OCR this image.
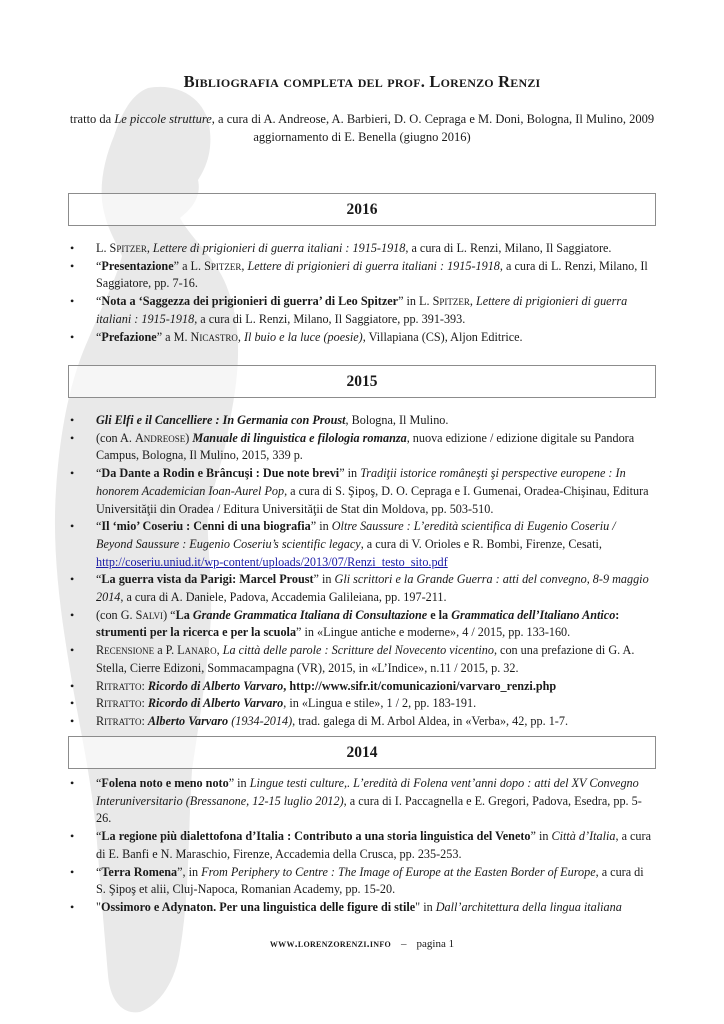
Bibliografia completa del prof. Lorenzo Renzi

tratto da Le piccole strutture, a cura di A. Andreose, A. Barbieri, D. O. Cepraga e M. Doni, Bologna, Il Mulino, 2009
aggiornamento di E. Benella (giugno 2016)

2016
• L. Spitzer, Lettere di prigionieri di guerra italiani : 1915-1918, a cura di L. Renzi, Milano, Il Saggiatore.
• “Presentazione” a L. Spitzer, Lettere di prigionieri di guerra italiani : 1915-1918, a cura di L. Renzi, Milano, Il Saggiatore, pp. 7-16.
• “Nota a ‘Saggezza dei prigionieri di guerra’ di Leo Spitzer” in L. Spitzer, Lettere di prigionieri di guerra italiani : 1915-1918, a cura di L. Renzi, Milano, Il Saggiatore, pp. 391-393.
• “Prefazione” a M. Nicastro, Il buio e la luce (poesie), Villapiana (CS), Aljon Editrice.
2015
• Gli Elfi e il Cancelliere : In Germania con Proust, Bologna, Il Mulino.
• (con A. Andreose) Manuale di linguistica e filologia romanza, nuova edizione / edizione digitale su Pandora Campus, Bologna, Il Mulino, 2015, 339 p.
• “Da Dante a Rodin e Brâncuşi : Due note brevi” in Tradiţii istorice româneşti şi perspective europene : In honorem Academician Ioan-Aurel Pop, a cura di S. Şipoş, D. O. Cepraga e I. Gumenai, Oradea-Chişinau, Editura Universităţii din Oradea / Editura Universităţii de Stat din Moldova, pp. 503-510.
• “Il ‘mio’ Coseriu : Cenni di una biografia” in Oltre Saussure : L’eredità scientifica di Eugenio Coseriu / Beyond Saussure : Eugenio Coseriu’s scientific legacy, a cura di V. Orioles e R. Bombi, Firenze, Cesati, http://coseriu.uniud.it/wp-content/uploads/2013/07/Renzi_testo_sito.pdf
• “La guerra vista da Parigi: Marcel Proust” in Gli scrittori e la Grande Guerra : atti del convegno, 8-9 maggio 2014, a cura di A. Daniele, Padova, Accademia Galileiana, pp. 197-211.
• (con G. Salvi) “La Grande Grammatica Italiana di Consultazione e la Grammatica dell’Italiano Antico: strumenti per la ricerca e per la scuola” in «Lingue antiche e moderne», 4 / 2015, pp. 133-160.
• Recensione a P. Lanaro, La città delle parole : Scritture del Novecento vicentino, con una prefazione di G. A. Stella, Cierre Edizoni, Sommacampagna (VR), 2015, in «L’Indice», n.11 / 2015, p. 32.
• Ritratto: Ricordo di Alberto Varvaro, http://www.sifr.it/comunicazioni/varvaro_renzi.php
• Ritratto: Ricordo di Alberto Varvaro, in «Lingua e stile», 1 / 2, pp. 183-191.
• Ritratto: Alberto Varvaro (1934-2014), trad. galega di M. Arbol Aldea, in «Verba», 42, pp. 1-7.
2014
• “Folena noto e meno noto” in Lingue testi culture,. L’eredità di Folena vent’anni dopo : atti del XV Convegno Interuniversitario (Bressanone, 12-15 luglio 2012), a cura di I. Paccagnella e E. Gregori, Padova, Esedra, pp. 5-26.
• “La regione più dialettofona d’Italia : Contributo a una storia linguistica del Veneto” in Città d’Italia, a cura di E. Banfi e N. Maraschio, Firenze, Accademia della Crusca, pp. 235-253.
• “Terra Romena”, in From Periphery to Centre : The Image of Europe at the Easten Border of Europe, a cura di S. Şipoş et alii, Cluj-Napoca, Romanian Academy, pp. 15-20.
• "Ossimoro e Adynaton. Per una linguistica delle figure di stile" in Dall’architettura della lingua italiana
www.lorenzorenzi.info – pagina 1
